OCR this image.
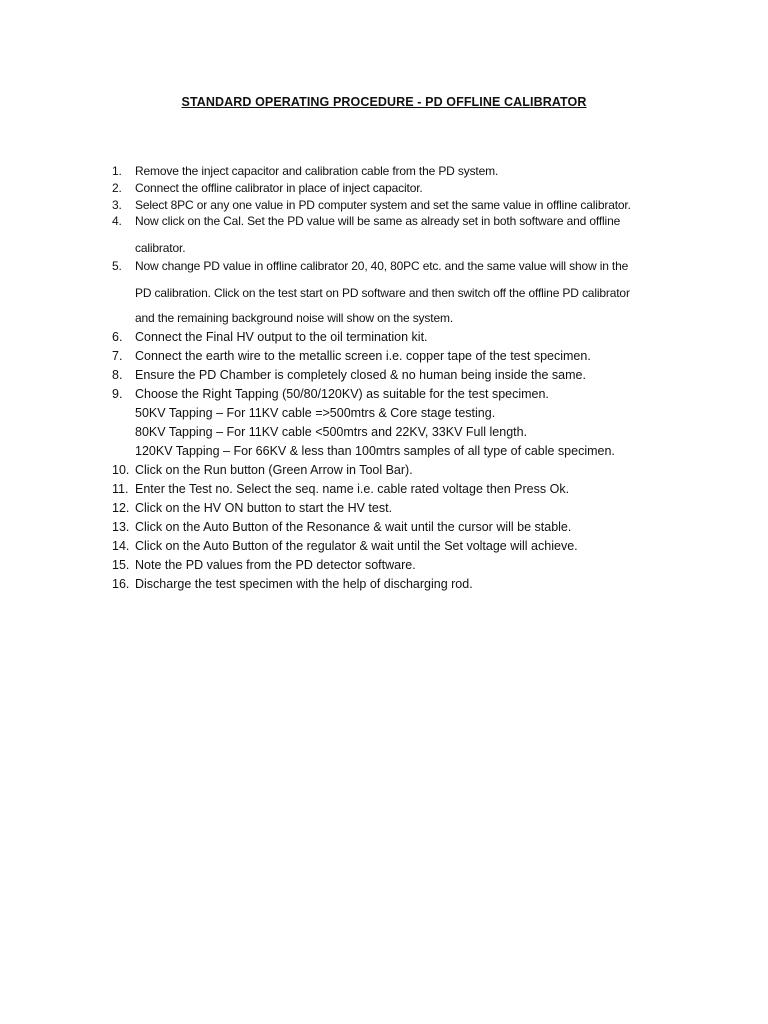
STANDARD OPERATING PROCEDURE - PD OFFLINE CALIBRATOR
1. Remove the inject capacitor and calibration cable from the PD system.
2. Connect the offline calibrator in place of inject capacitor.
3. Select 8PC or any one value in PD computer system and set the same value in offline calibrator.
4. Now click on the Cal. Set the PD value will be same as already set in both software and offline
calibrator.
5. Now change PD value in offline calibrator 20, 40, 80PC etc. and the same value will show in the
PD calibration. Click on the test start on PD software and then switch off the offline PD calibrator
and the remaining background noise will show on the system.
6. Connect the Final HV output to the oil termination kit.
7. Connect the earth wire to the metallic screen i.e. copper tape of the test specimen.
8. Ensure the PD Chamber is completely closed & no human being inside the same.
9. Choose the Right Tapping (50/80/120KV) as suitable for the test specimen.
50KV Tapping – For 11KV cable =>500mtrs & Core stage testing.
80KV Tapping – For 11KV cable <500mtrs and 22KV, 33KV Full length.
120KV Tapping – For 66KV & less than 100mtrs samples of all type of cable specimen.
10. Click on the Run button (Green Arrow in Tool Bar).
11. Enter the Test no. Select the seq. name i.e. cable rated voltage then Press Ok.
12. Click on the HV ON button to start the HV test.
13. Click on the Auto Button of the Resonance & wait until the cursor will be stable.
14. Click on the Auto Button of the regulator & wait until the Set voltage will achieve.
15. Note the PD values from the PD detector software.
16. Discharge the test specimen with the help of discharging rod.
